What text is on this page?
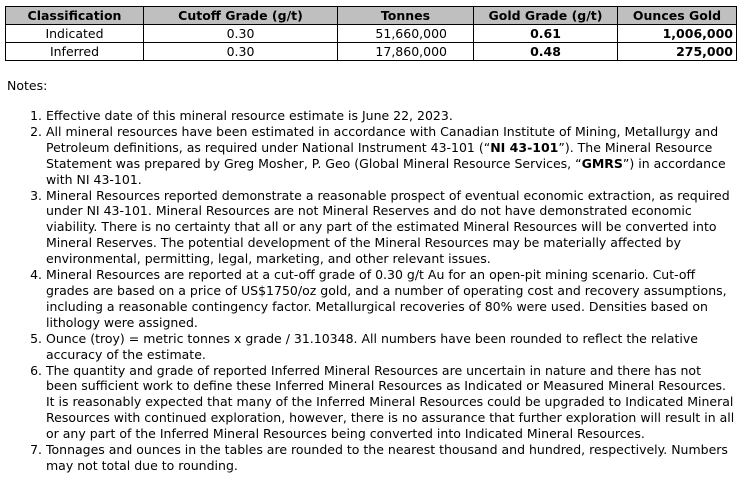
Classification	Cutoff Grade (g/t)	Tonnes	Gold Grade (g/t)	Ounces Gold
Indicated	0.30	51,660,000	0.61	1,006,000
Inferred	0.30	17,860,000	0.48	275,000
Notes:
1. Effective date of this mineral resource estimate is June 22, 2023.
2. All mineral resources have been estimated in accordance with Canadian Institute of Mining, Metallurgy and Petroleum definitions, as required under National Instrument 43-101 (“NI 43-101”). The Mineral Resource Statement was prepared by Greg Mosher, P. Geo (Global Mineral Resource Services, “GMRS”) in accordance with NI 43-101.
3. Mineral Resources reported demonstrate a reasonable prospect of eventual economic extraction, as required under NI 43-101. Mineral Resources are not Mineral Reserves and do not have demonstrated economic viability. There is no certainty that all or any part of the estimated Mineral Resources will be converted into Mineral Reserves. The potential development of the Mineral Resources may be materially affected by environmental, permitting, legal, marketing, and other relevant issues.
4. Mineral Resources are reported at a cut-off grade of 0.30 g/t Au for an open-pit mining scenario. Cut-off grades are based on a price of US$1750/oz gold, and a number of operating cost and recovery assumptions, including a reasonable contingency factor. Metallurgical recoveries of 80% were used. Densities based on lithology were assigned.
5. Ounce (troy) = metric tonnes x grade / 31.10348. All numbers have been rounded to reflect the relative accuracy of the estimate.
6. The quantity and grade of reported Inferred Mineral Resources are uncertain in nature and there has not been sufficient work to define these Inferred Mineral Resources as Indicated or Measured Mineral Resources. It is reasonably expected that many of the Inferred Mineral Resources could be upgraded to Indicated Mineral Resources with continued exploration, however, there is no assurance that further exploration will result in all or any part of the Inferred Mineral Resources being converted into Indicated Mineral Resources.
7. Tonnages and ounces in the tables are rounded to the nearest thousand and hundred, respectively. Numbers may not total due to rounding.
